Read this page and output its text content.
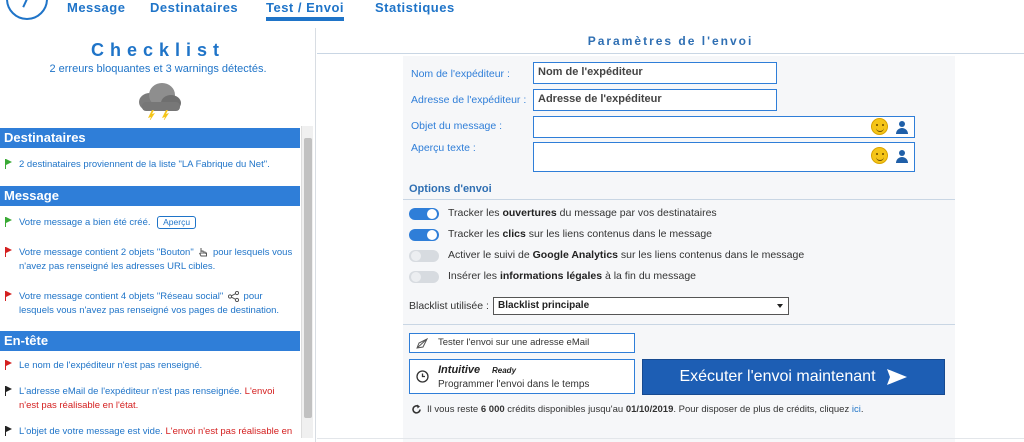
Message Destinataires Test / Envoi Statistiques
Checklist
2 erreurs bloquantes et 3 warnings détectés.
Destinataires
2 destinataires proviennent de la liste "LA Fabrique du Net".
Message
Votre message a bien été créé. Aperçu
Votre message contient 2 objets "Bouton" pour lesquels vous n'avez pas renseigné les adresses URL cibles.
Votre message contient 4 objets "Réseau social" pour lesquels vous n'avez pas renseigné vos pages de destination.
En-tête
Le nom de l'expéditeur n'est pas renseigné.
L'adresse eMail de l'expéditeur n'est pas renseignée. L'envoi n'est pas réalisable en l'état.
L'objet de votre message est vide. L'envoi n'est pas réalisable en
Paramètres de l'envoi
Nom de l'expéditeur :	Nom de l'expéditeur
Adresse de l'expéditeur :	Adresse de l'expéditeur
Objet du message :
Aperçu texte :
Options d'envoi
Tracker les ouvertures du message par vos destinataires
Tracker les clics sur les liens contenus dans le message
Activer le suivi de Google Analytics sur les liens contenus dans le message
Insérer les informations légales à la fin du message
Blacklist utilisée : Blacklist principale
Tester l'envoi sur une adresse eMail
Intuitive Ready
Programmer l'envoi dans le temps	Exécuter l'envoi maintenant
Il vous reste 6 000 crédits disponibles jusqu'au 01/10/2019. Pour disposer de plus de crédits, cliquez ici.
